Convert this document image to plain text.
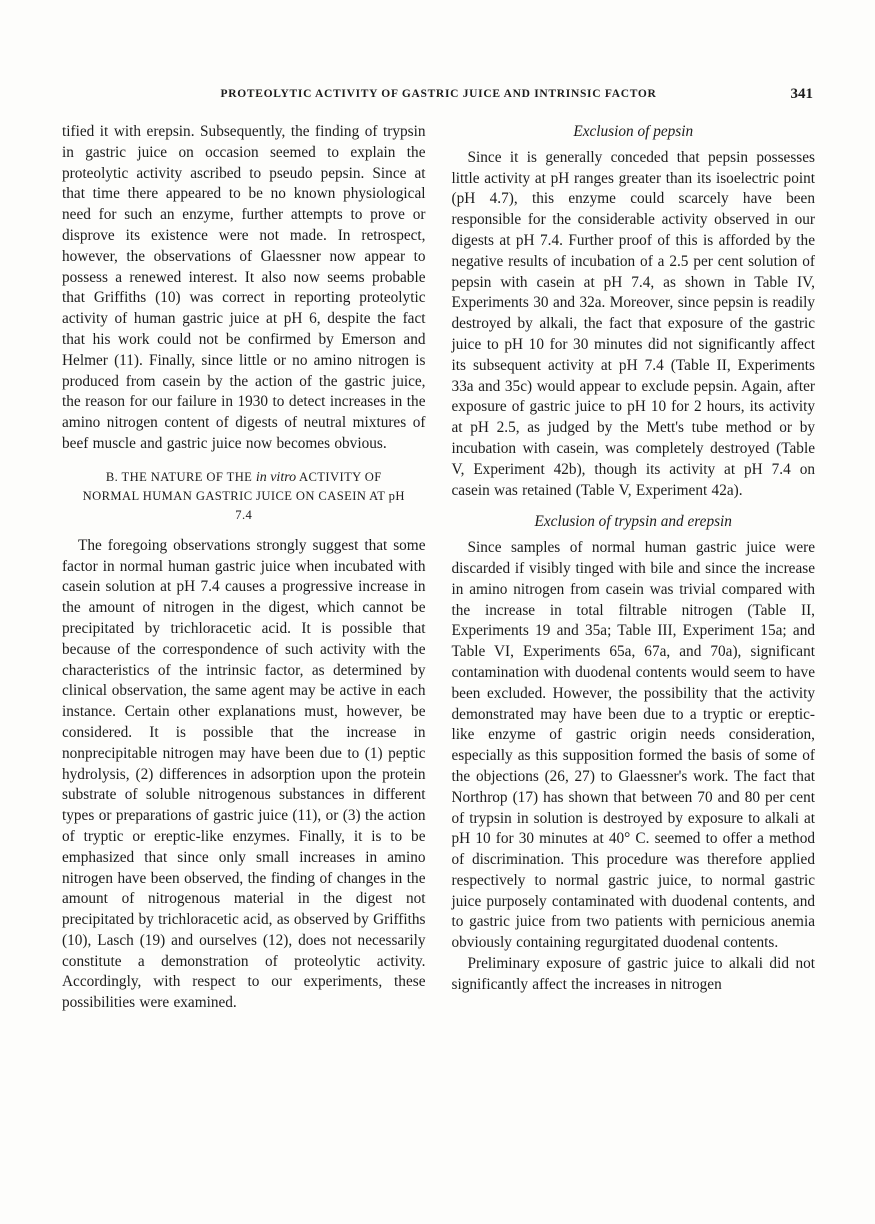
PROTEOLYTIC ACTIVITY OF GASTRIC JUICE AND INTRINSIC FACTOR	341

tified it with erepsin. Subsequently, the finding of trypsin in gastric juice on occasion seemed to explain the proteolytic activity ascribed to pseudo pepsin. Since at that time there appeared to be no known physiological need for such an enzyme, further attempts to prove or disprove its existence were not made. In retrospect, however, the observations of Glaessner now appear to possess a renewed interest. It also now seems probable that Griffiths (10) was correct in reporting proteolytic activity of human gastric juice at pH 6, despite the fact that his work could not be confirmed by Emerson and Helmer (11). Finally, since little or no amino nitrogen is produced from casein by the action of the gastric juice, the reason for our failure in 1930 to detect increases in the amino nitrogen content of digests of neutral mixtures of beef muscle and gastric juice now becomes obvious.

B. THE NATURE OF THE in vitro ACTIVITY OF NORMAL HUMAN GASTRIC JUICE ON CASEIN AT pH 7.4

The foregoing observations strongly suggest that some factor in normal human gastric juice when incubated with casein solution at pH 7.4 causes a progressive increase in the amount of nitrogen in the digest, which cannot be precipitated by trichloracetic acid. It is possible that because of the correspondence of such activity with the characteristics of the intrinsic factor, as determined by clinical observation, the same agent may be active in each instance. Certain other explanations must, however, be considered. It is possible that the increase in nonprecipitable nitrogen may have been due to (1) peptic hydrolysis, (2) differences in adsorption upon the protein substrate of soluble nitrogenous substances in different types or preparations of gastric juice (11), or (3) the action of tryptic or ereptic-like enzymes. Finally, it is to be emphasized that since only small increases in amino nitrogen have been observed, the finding of changes in the amount of nitrogenous material in the digest not precipitated by trichloracetic acid, as observed by Griffiths (10), Lasch (19) and ourselves (12), does not necessarily constitute a demonstration of proteolytic activity. Accordingly, with respect to our experiments, these possibilities were examined.

Exclusion of pepsin

Since it is generally conceded that pepsin possesses little activity at pH ranges greater than its isoelectric point (pH 4.7), this enzyme could scarcely have been responsible for the considerable activity observed in our digests at pH 7.4. Further proof of this is afforded by the negative results of incubation of a 2.5 per cent solution of pepsin with casein at pH 7.4, as shown in Table IV, Experiments 30 and 32a. Moreover, since pepsin is readily destroyed by alkali, the fact that exposure of the gastric juice to pH 10 for 30 minutes did not significantly affect its subsequent activity at pH 7.4 (Table II, Experiments 33a and 35c) would appear to exclude pepsin. Again, after exposure of gastric juice to pH 10 for 2 hours, its activity at pH 2.5, as judged by the Mett's tube method or by incubation with casein, was completely destroyed (Table V, Experiment 42b), though its activity at pH 7.4 on casein was retained (Table V, Experiment 42a).

Exclusion of trypsin and erepsin

Since samples of normal human gastric juice were discarded if visibly tinged with bile and since the increase in amino nitrogen from casein was trivial compared with the increase in total filtrable nitrogen (Table II, Experiments 19 and 35a; Table III, Experiment 15a; and Table VI, Experiments 65a, 67a, and 70a), significant contamination with duodenal contents would seem to have been excluded. However, the possibility that the activity demonstrated may have been due to a tryptic or ereptic-like enzyme of gastric origin needs consideration, especially as this supposition formed the basis of some of the objections (26, 27) to Glaessner's work. The fact that Northrop (17) has shown that between 70 and 80 per cent of trypsin in solution is destroyed by exposure to alkali at pH 10 for 30 minutes at 40° C. seemed to offer a method of discrimination. This procedure was therefore applied respectively to normal gastric juice, to normal gastric juice purposely contaminated with duodenal contents, and to gastric juice from two patients with pernicious anemia obviously containing regurgitated duodenal contents.

Preliminary exposure of gastric juice to alkali did not significantly affect the increases in nitrogen
